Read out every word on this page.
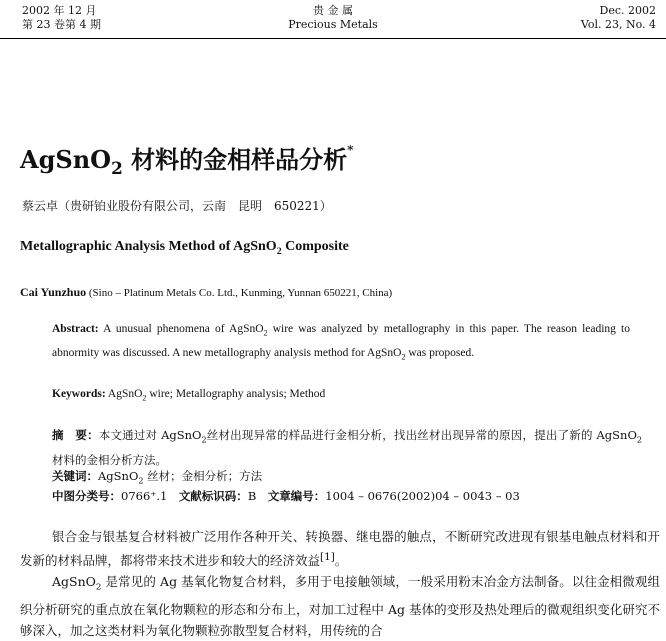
2002 年 12 月
第 23 卷第 4 期
贵 金 属
Precious Metals
Dec. 2002
Vol. 23, No. 4
AgSnO$_2$ 材料的金相样品分析*
蔡云卓（贵研铂业股份有限公司，云南　昆明　650221）
Metallographic Analysis Method of AgSnO$_2$ Composite
Cai Yunzhuo (Sino – Platinum Metals Co. Ltd., Kunming, Yunnan 650221, China)
Abstract: A unusual phenomena of AgSnO$_2$ wire was analyzed by metallography in this paper. The reason leading to abnormity was discussed. A new metallography analysis method for AgSnO$_2$ was proposed.
Keywords: AgSnO$_2$ wire; Metallography analysis; Method
摘　要：本文通过对 AgSnO$_2$丝材出现异常的样品进行金相分析，找出丝材出现异常的原因，提出了新的 AgSnO$_2$材料的金相分析方法。
关键词：AgSnO$_2$ 丝材；金相分析；方法
中图分类号：0766⁺.1　 文献标识码：B　 文章编号：1004 – 0676(2002)04 – 0043 – 03

银合金与银基复合材料被广泛用作各种开关、转换器、继电器的触点，不断研究改进现有银基电触点材料和开发新的材料品牌，都将带来技术进步和较大的经济效益[1]。

AgSnO$_2$ 是常见的 Ag 基氧化物复合材料，多用于电接触领域，一般采用粉末冶金方法制备。以往金相微观组织分析研究的重点放在氧化物颗粒的形态和分布上，对加工过程中 Ag 基体的变形及热处理后的微观组织变化研究不够深入，加之这类材料为氧化物颗粒弥散型复合材料，用传统的合
